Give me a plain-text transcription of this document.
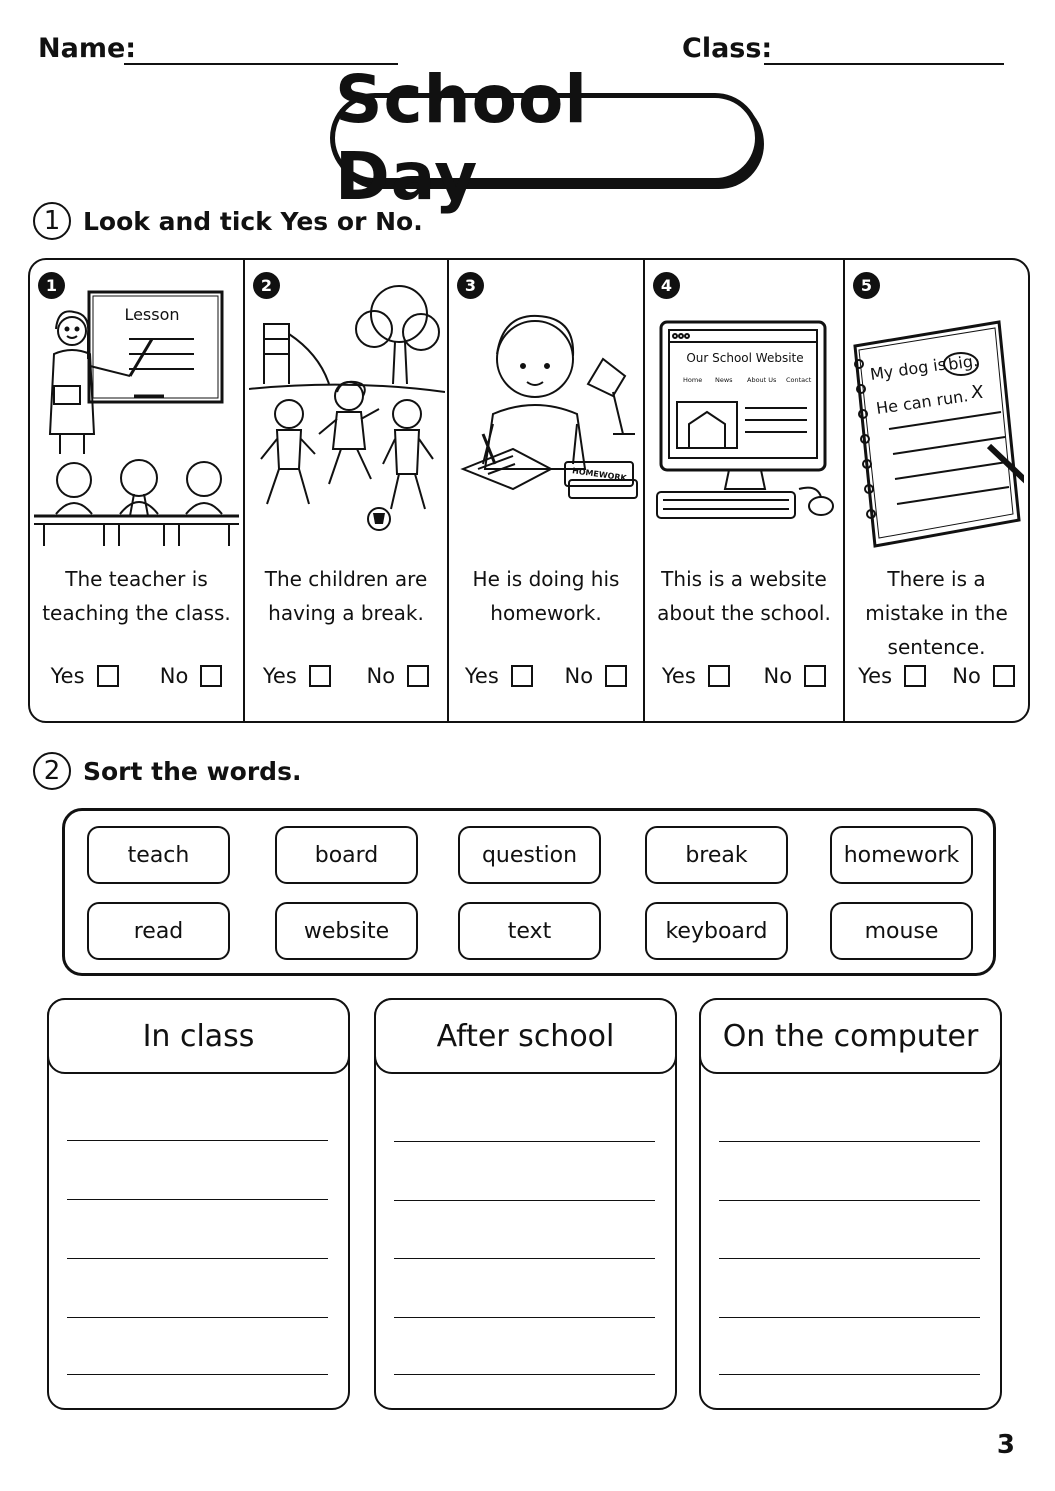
Name:	Class:
School Day
1 Look and tick Yes or No.
1
Lesson
The teacher is teaching the class.
Yes	No
2
The children are having a break.
Yes	No
3
HOMEWORK
He is doing his homework.
Yes	No
4
Our School Website
Home News About Us Contact
This is a website about the school.
Yes	No
5
My dog is big.
He can run. X
There is a mistake in the sentence.
Yes	No
2 Sort the words.
teach	board	question	break	homework
read	website	text	keyboard	mouse
In class	After school	On the computer
3
